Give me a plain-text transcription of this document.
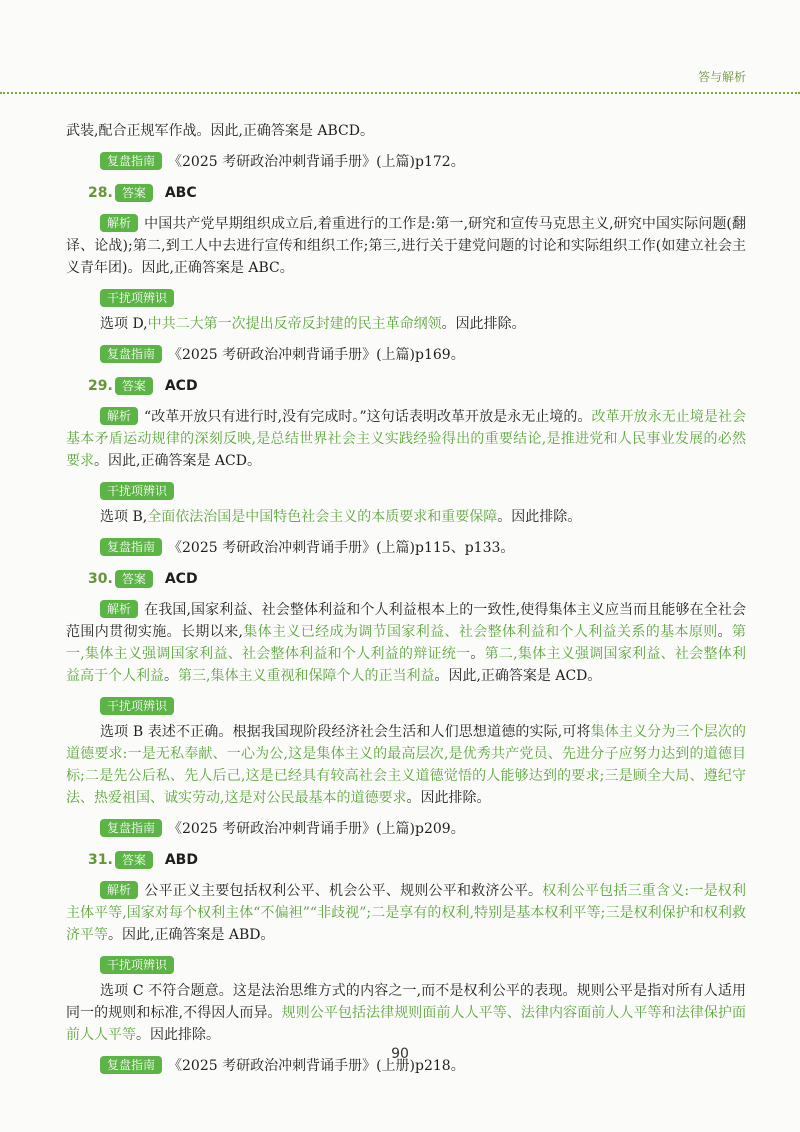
答与解析

武装,配合正规军作战。因此,正确答案是 ABCD。

复盘指南 《2025 考研政治冲刺背诵手册》(上篇)p172。
28. 答案	ABC

解析 中国共产党早期组织成立后,着重进行的工作是:第一,研究和宣传马克思主义,研究中国实际问题(翻译、论战);第二,到工人中去进行宣传和组织工作;第三,进行关于建党问题的讨论和实际组织工作(如建立社会主义青年团)。因此,正确答案是 ABC。

干扰项辨识

选项 D,中共二大第一次提出反帝反封建的民主革命纲领。因此排除。

复盘指南 《2025 考研政治冲刺背诵手册》(上篇)p169。
29. 答案	ACD

解析 “改革开放只有进行时,没有完成时。”这句话表明改革开放是永无止境的。改革开放永无止境是社会基本矛盾运动规律的深刻反映,是总结世界社会主义实践经验得出的重要结论,是推进党和人民事业发展的必然要求。因此,正确答案是 ACD。

干扰项辨识

选项 B,全面依法治国是中国特色社会主义的本质要求和重要保障。因此排除。

复盘指南 《2025 考研政治冲刺背诵手册》(上篇)p115、p133。
30. 答案	ACD

解析 在我国,国家利益、社会整体利益和个人利益根本上的一致性,使得集体主义应当而且能够在全社会范围内贯彻实施。长期以来,集体主义已经成为调节国家利益、社会整体利益和个人利益关系的基本原则。第一,集体主义强调国家利益、社会整体利益和个人利益的辩证统一。第二,集体主义强调国家利益、社会整体利益高于个人利益。第三,集体主义重视和保障个人的正当利益。因此,正确答案是 ACD。

干扰项辨识

选项 B 表述不正确。根据我国现阶段经济社会生活和人们思想道德的实际,可将集体主义分为三个层次的道德要求:一是无私奉献、一心为公,这是集体主义的最高层次,是优秀共产党员、先进分子应努力达到的道德目标;二是先公后私、先人后己,这是已经具有较高社会主义道德觉悟的人能够达到的要求;三是顾全大局、遵纪守法、热爱祖国、诚实劳动,这是对公民最基本的道德要求。因此排除。

复盘指南 《2025 考研政治冲刺背诵手册》(上篇)p209。
31. 答案	ABD

解析 公平正义主要包括权利公平、机会公平、规则公平和救济公平。权利公平包括三重含义:一是权利主体平等,国家对每个权利主体“不偏袒”“非歧视”;二是享有的权利,特别是基本权利平等;三是权利保护和权利救济平等。因此,正确答案是 ABD。

干扰项辨识

选项 C 不符合题意。这是法治思维方式的内容之一,而不是权利公平的表现。规则公平是指对所有人适用同一的规则和标准,不得因人而异。规则公平包括法律规则面前人人平等、法律内容面前人人平等和法律保护面前人人平等。因此排除。

复盘指南 《2025 考研政治冲刺背诵手册》(上册)p218。
90
